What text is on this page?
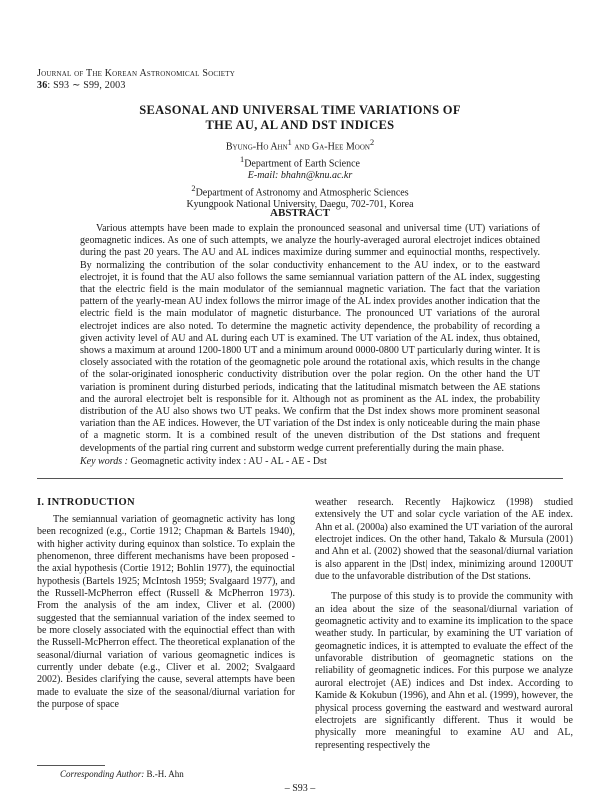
Journal of The Korean Astronomical Society
36: S93 ∼ S99, 2003
SEASONAL AND UNIVERSAL TIME VARIATIONS OF
THE AU, AL AND DST INDICES
Byung-Ho Ahn$^1$ and Ga-Hee Moon$^2$
$^1$Department of Earth Science
E-mail: bhahn@knu.ac.kr
$^2$Department of Astronomy and Atmospheric Sciences
Kyungpook National University, Daegu, 702-701, Korea
ABSTRACT
Various attempts have been made to explain the pronounced seasonal and universal time (UT) variations of geomagnetic indices. As one of such attempts, we analyze the hourly-averaged auroral electrojet indices obtained during the past 20 years. The AU and AL indices maximize during summer and equinoctial months, respectively. By normalizing the contribution of the solar conductivity enhancement to the AU index, or to the eastward electrojet, it is found that the AU also follows the same semiannual variation pattern of the AL index, suggesting that the electric field is the main modulator of the semiannual magnetic variation. The fact that the variation pattern of the yearly-mean AU index follows the mirror image of the AL index provides another indication that the electric field is the main modulator of magnetic disturbance. The pronounced UT variations of the auroral electrojet indices are also noted. To determine the magnetic activity dependence, the probability of recording a given activity level of AU and AL during each UT is examined. The UT variation of the AL index, thus obtained, shows a maximum at around 1200-1800 UT and a minimum around 0000-0800 UT particularly during winter. It is closely associated with the rotation of the geomagnetic pole around the rotational axis, which results in the change of the solar-originated ionospheric conductivity distribution over the polar region. On the other hand the UT variation is prominent during disturbed periods, indicating that the latitudinal mismatch between the AE stations and the auroral electrojet belt is responsible for it. Although not as prominent as the AL index, the probability distribution of the AU also shows two UT peaks. We confirm that the Dst index shows more prominent seasonal variation than the AE indices. However, the UT variation of the Dst index is only noticeable during the main phase of a magnetic storm. It is a combined result of the uneven distribution of the Dst stations and frequent developments of the partial ring current and substorm wedge current preferentially during the main phase.
Key words : Geomagnetic activity index : AU - AL - AE - Dst
I. INTRODUCTION

The semiannual variation of geomagnetic activity has long been recognized (e.g., Cortie 1912; Chapman & Bartels 1940), with higher activity during equinox than solstice. To explain the phenomenon, three different mechanisms have been proposed - the axial hypothesis (Cortie 1912; Bohlin 1977), the equinoctial hypothesis (Bartels 1925; McIntosh 1959; Svalgaard 1977), and the Russell-McPherron effect (Russell & McPherron 1973). From the analysis of the am index, Cliver et al. (2000) suggested that the semiannual variation of the index seemed to be more closely associated with the equinoctial effect than with the Russell-McPherron effect. The theoretical explanation of the seasonal/diurnal variation of various geomagnetic indices is currently under debate (e.g., Cliver et al. 2002; Svalgaard 2002). Besides clarifying the cause, several attempts have been made to evaluate the size of the seasonal/diurnal variation for the purpose of space

weather research. Recently Hajkowicz (1998) studied extensively the UT and solar cycle variation of the AE index. Ahn et al. (2000a) also examined the UT variation of the auroral electrojet indices. On the other hand, Takalo & Mursula (2001) and Ahn et al. (2002) showed that the seasonal/diurnal variation is also apparent in the |Dst| index, minimizing around 1200UT due to the unfavorable distribution of the Dst stations.

The purpose of this study is to provide the community with an idea about the size of the seasonal/diurnal variation of geomagnetic activity and to examine its implication to the space weather study. In particular, by examining the UT variation of geomagnetic indices, it is attempted to evaluate the effect of the unfavorable distribution of geomagnetic stations on the reliability of geomagnetic indices. For this purpose we analyze auroral electrojet (AE) indices and Dst index. According to Kamide & Kokubun (1996), and Ahn et al. (1999), however, the physical process governing the eastward and westward auroral electrojets are significantly different. Thus it would be physically more meaningful to examine AU and AL, representing respectively the

Corresponding Author: B.-H. Ahn
– S93 –
